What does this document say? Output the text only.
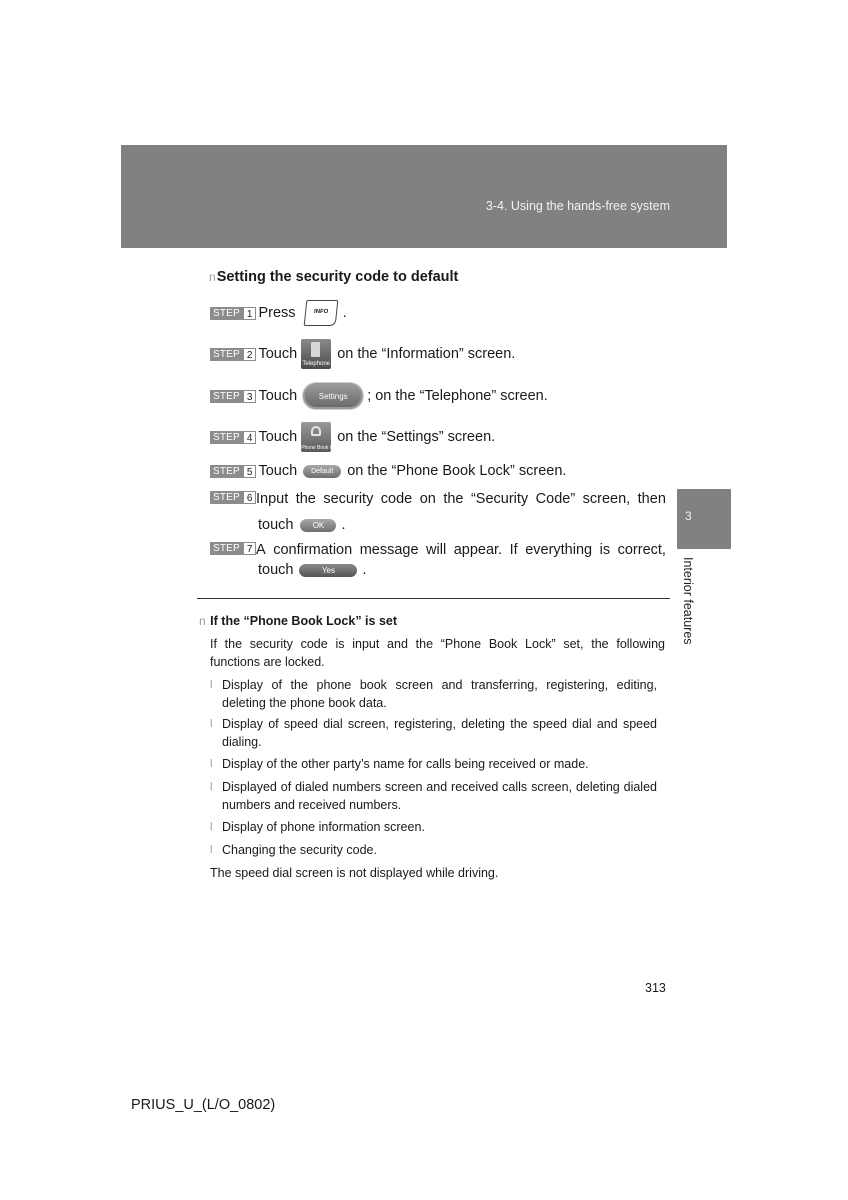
3-4. Using the hands-free system
3
Interior features
nSetting the security code to default
STEP 1 Press	INFO .
STEP 2 Touch
Telephone
on the “Information” screen.
STEP 3 Touch	Settings	; on the “Telephone” screen.
STEP 4 Touch
Phone Book Lock
on the “Settings” screen.
STEP 5 Touch	Default on the “Phone Book Lock” screen.
STEP 6 Input the security code on the “Security Code” screen, then
touch	OK	.
STEP 7 A confirmation message will appear. If everything is correct,
touch	Yes	.
n If the “Phone Book Lock” is set
If the security code is input and the “Phone Book Lock” set, the following
functions are locked.
l Display of the phone book screen and transferring, registering, editing, deleting the phone book data.
l Display of speed dial screen, registering, deleting the speed dial and speed dialing.
l Display of the other party’s name for calls being received or made.
l Displayed of dialed numbers screen and received calls screen, deleting dialed numbers and received numbers.
l Display of phone information screen.
l Changing the security code.
The speed dial screen is not displayed while driving.
313
PRIUS_U_(L/O_0802)
